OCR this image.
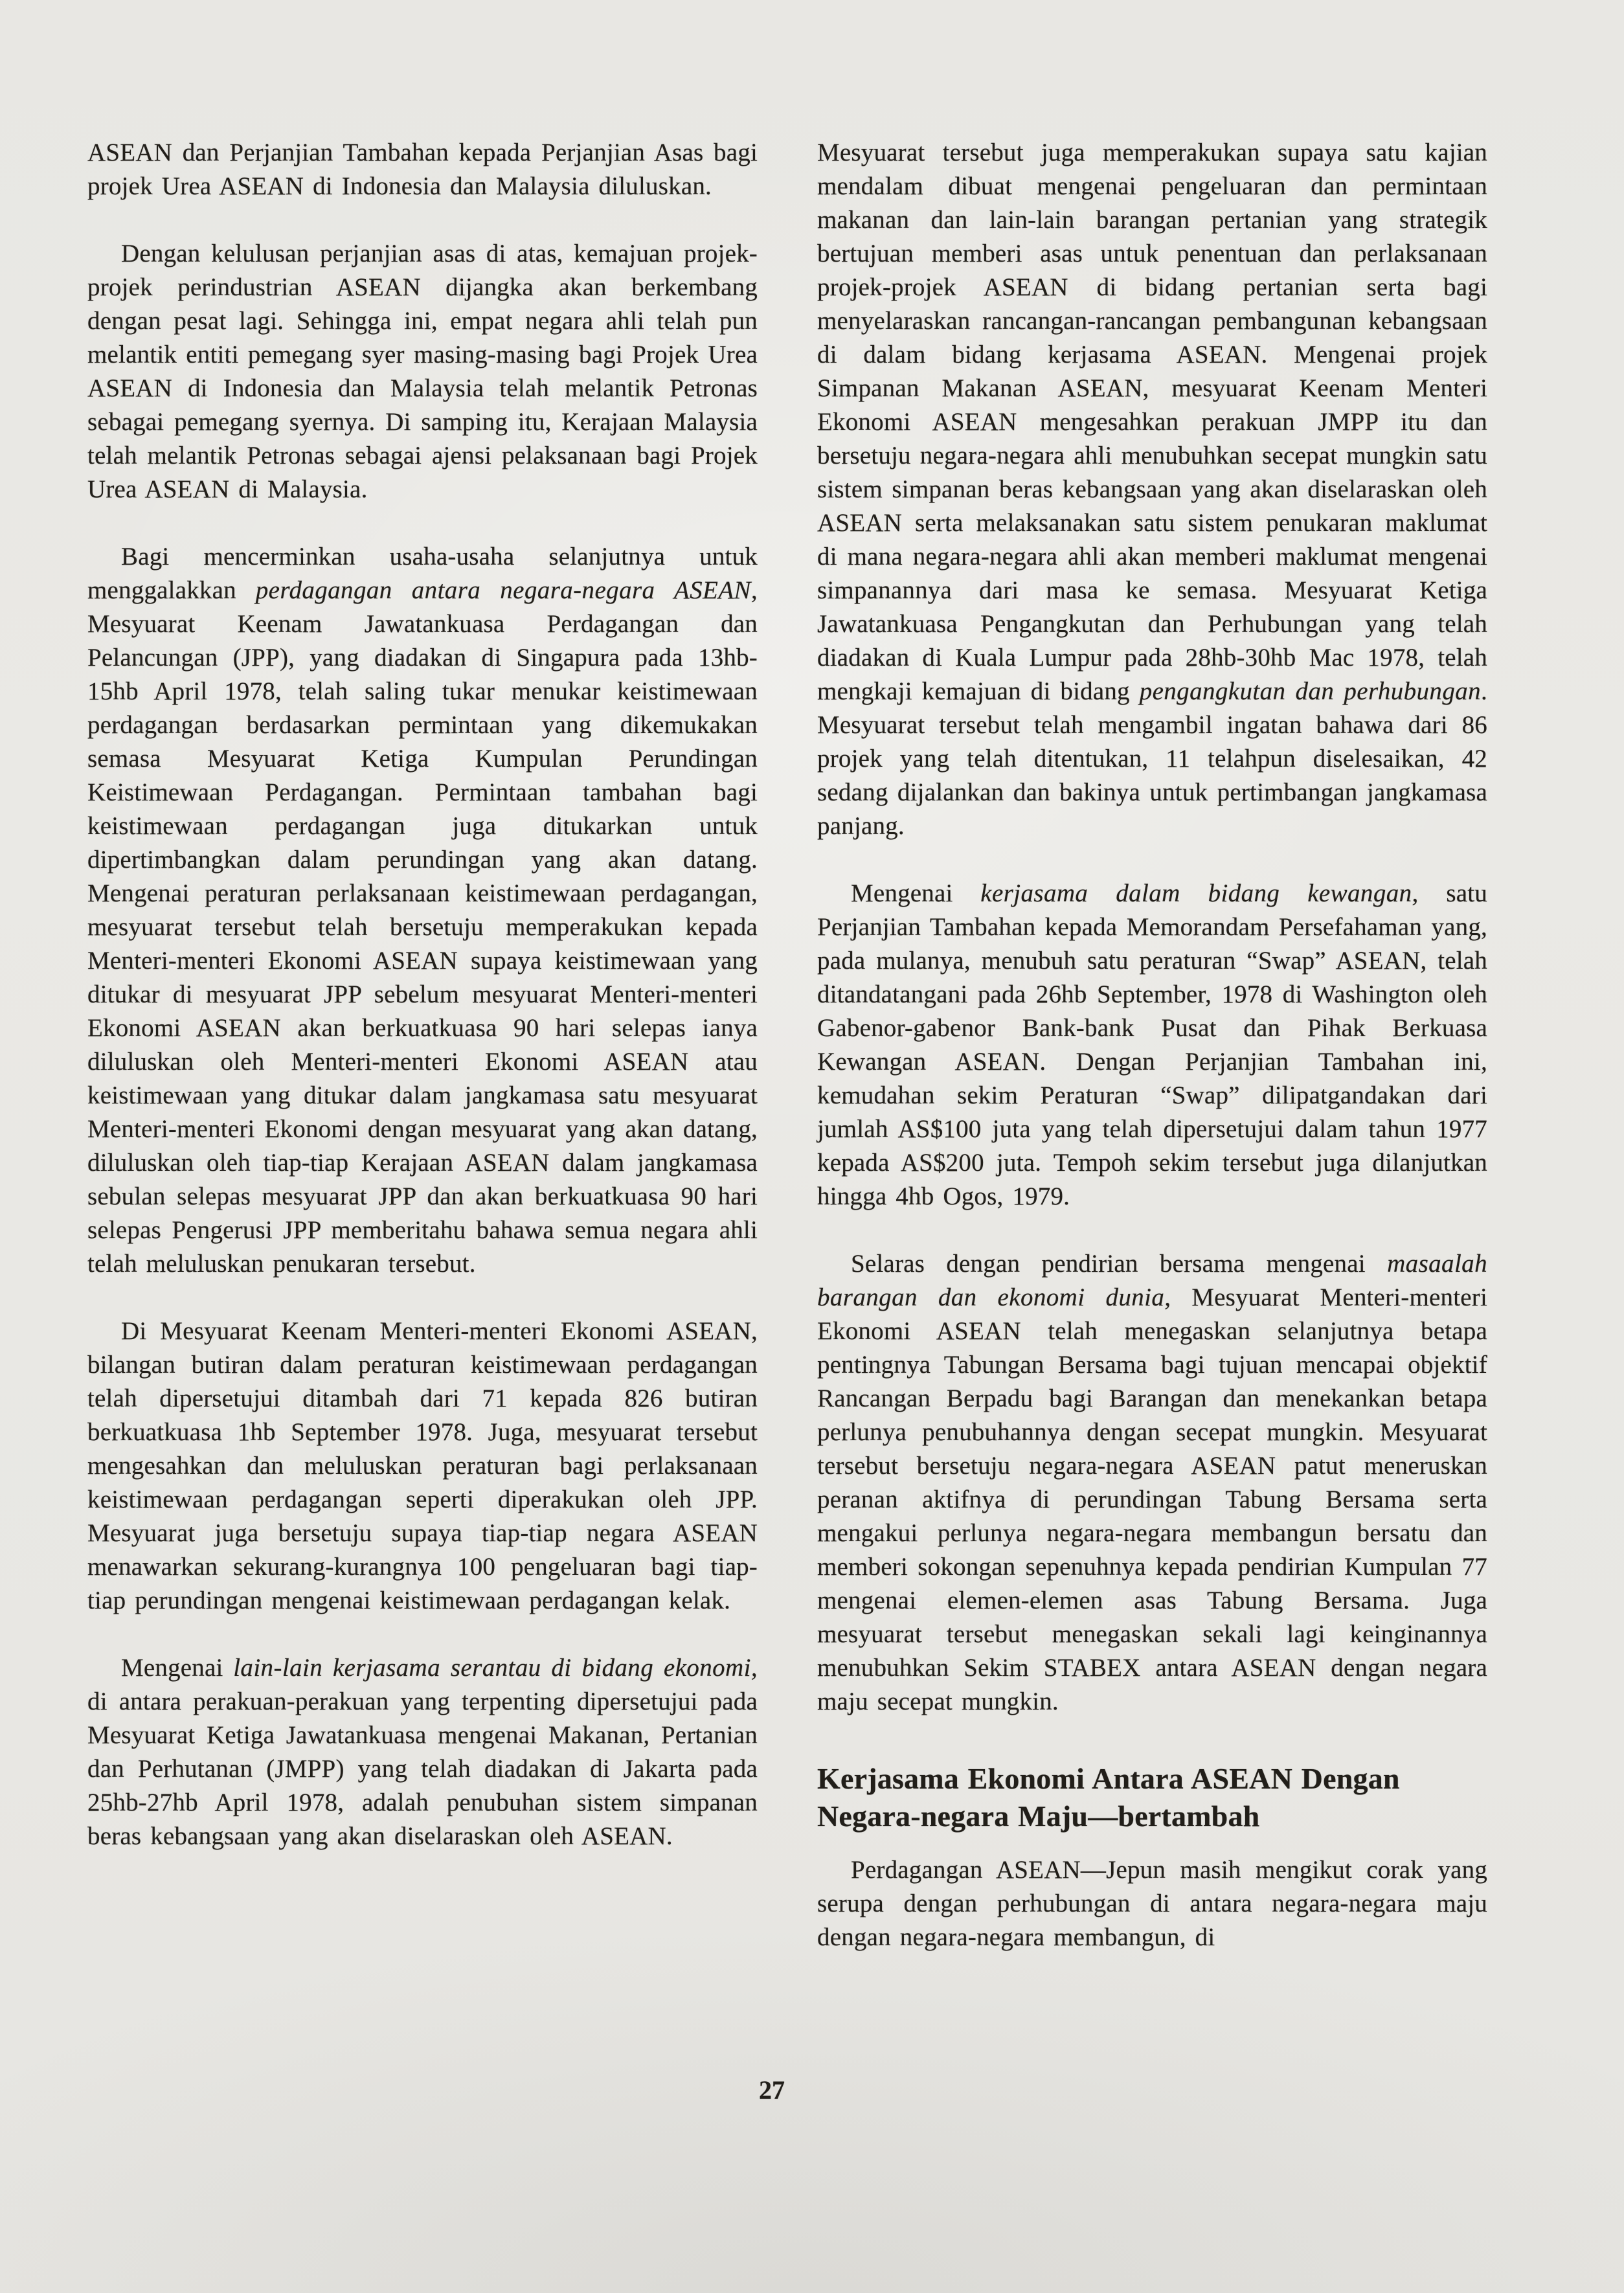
ASEAN dan Perjanjian Tambahan kepada Perjanjian Asas bagi projek Urea ASEAN di Indonesia dan Malaysia diluluskan.

Dengan kelulusan perjanjian asas di atas, kemajuan projek-projek perindustrian ASEAN dijangka akan berkembang dengan pesat lagi. Sehingga ini, empat negara ahli telah pun melantik entiti pemegang syer masing-masing bagi Projek Urea ASEAN di Indonesia dan Malaysia telah melantik Petronas sebagai pemegang syernya. Di samping itu, Kerajaan Malaysia telah melantik Petronas sebagai ajensi pelaksanaan bagi Projek Urea ASEAN di Malaysia.

Bagi mencerminkan usaha-usaha selanjutnya untuk menggalakkan perdagangan antara negara-negara ASEAN, Mesyuarat Keenam Jawatankuasa Perdagangan dan Pelancungan (JPP), yang diadakan di Singapura pada 13hb-15hb April 1978, telah saling tukar menukar keistimewaan perdagangan berdasarkan permintaan yang dikemukakan semasa Mesyuarat Ketiga Kumpulan Perundingan Keistimewaan Perdagangan. Permintaan tambahan bagi keistimewaan perdagangan juga ditukarkan untuk dipertimbangkan dalam perundingan yang akan datang. Mengenai peraturan perlaksanaan keistimewaan perdagangan, mesyuarat tersebut telah bersetuju memperakukan kepada Menteri-menteri Ekonomi ASEAN supaya keistimewaan yang ditukar di mesyuarat JPP sebelum mesyuarat Menteri-menteri Ekonomi ASEAN akan berkuatkuasa 90 hari selepas ianya diluluskan oleh Menteri-menteri Ekonomi ASEAN atau keistimewaan yang ditukar dalam jangkamasa satu mesyuarat Menteri-menteri Ekonomi dengan mesyuarat yang akan datang, diluluskan oleh tiap-tiap Kerajaan ASEAN dalam jangkamasa sebulan selepas mesyuarat JPP dan akan berkuatkuasa 90 hari selepas Pengerusi JPP memberitahu bahawa semua negara ahli telah meluluskan penukaran tersebut.

Di Mesyuarat Keenam Menteri-menteri Ekonomi ASEAN, bilangan butiran dalam peraturan keistimewaan perdagangan telah dipersetujui ditambah dari 71 kepada 826 butiran berkuatkuasa 1hb September 1978. Juga, mesyuarat tersebut mengesahkan dan meluluskan peraturan bagi perlaksanaan keistimewaan perdagangan seperti diperakukan oleh JPP. Mesyuarat juga bersetuju supaya tiap-tiap negara ASEAN menawarkan sekurang-kurangnya 100 pengeluaran bagi tiap-tiap perundingan mengenai keistimewaan perdagangan kelak.

Mengenai lain-lain kerjasama serantau di bidang ekonomi, di antara perakuan-perakuan yang terpenting dipersetujui pada Mesyuarat Ketiga Jawatankuasa mengenai Makanan, Pertanian dan Perhutanan (JMPP) yang telah diadakan di Jakarta pada 25hb-27hb April 1978, adalah penubuhan sistem simpanan beras kebangsaan yang akan diselaraskan oleh ASEAN.

Mesyuarat tersebut juga memperakukan supaya satu kajian mendalam dibuat mengenai pengeluaran dan permintaan makanan dan lain-lain barangan pertanian yang strategik bertujuan memberi asas untuk penentuan dan perlaksanaan projek-projek ASEAN di bidang pertanian serta bagi menyelaraskan rancangan-rancangan pembangunan kebangsaan di dalam bidang kerjasama ASEAN. Mengenai projek Simpanan Makanan ASEAN, mesyuarat Keenam Menteri Ekonomi ASEAN mengesahkan perakuan JMPP itu dan bersetuju negara-negara ahli menubuhkan secepat mungkin satu sistem simpanan beras kebangsaan yang akan diselaraskan oleh ASEAN serta melaksanakan satu sistem penukaran maklumat di mana negara-negara ahli akan memberi maklumat mengenai simpanannya dari masa ke semasa. Mesyuarat Ketiga Jawatankuasa Pengangkutan dan Perhubungan yang telah diadakan di Kuala Lumpur pada 28hb-30hb Mac 1978, telah mengkaji kemajuan di bidang pengangkutan dan perhubungan. Mesyuarat tersebut telah mengambil ingatan bahawa dari 86 projek yang telah ditentukan, 11 telahpun diselesaikan, 42 sedang dijalankan dan bakinya untuk pertimbangan jangkamasa panjang.

Mengenai kerjasama dalam bidang kewangan, satu Perjanjian Tambahan kepada Memorandam Persefahaman yang, pada mulanya, menubuh satu peraturan “Swap” ASEAN, telah ditandatangani pada 26hb September, 1978 di Washington oleh Gabenor-gabenor Bank-bank Pusat dan Pihak Berkuasa Kewangan ASEAN. Dengan Perjanjian Tambahan ini, kemudahan sekim Peraturan “Swap” dilipatgandakan dari jumlah AS$100 juta yang telah dipersetujui dalam tahun 1977 kepada AS$200 juta. Tempoh sekim tersebut juga dilanjutkan hingga 4hb Ogos, 1979.

Selaras dengan pendirian bersama mengenai masaalah barangan dan ekonomi dunia, Mesyuarat Menteri-menteri Ekonomi ASEAN telah menegaskan selanjutnya betapa pentingnya Tabungan Bersama bagi tujuan mencapai objektif Rancangan Berpadu bagi Barangan dan menekankan betapa perlunya penubuhannya dengan secepat mungkin. Mesyuarat tersebut bersetuju negara-negara ASEAN patut meneruskan peranan aktifnya di perundingan Tabung Bersama serta mengakui perlunya negara-negara membangun bersatu dan memberi sokongan sepenuhnya kepada pendirian Kumpulan 77 mengenai elemen-elemen asas Tabung Bersama. Juga mesyuarat tersebut menegaskan sekali lagi keinginannya menubuhkan Sekim STABEX antara ASEAN dengan negara maju secepat mungkin.

Kerjasama Ekonomi Antara ASEAN Dengan Negara-negara Maju—bertambah

Perdagangan ASEAN—Jepun masih mengikut corak yang serupa dengan perhubungan di antara negara-negara maju dengan negara-negara membangun, di

27
